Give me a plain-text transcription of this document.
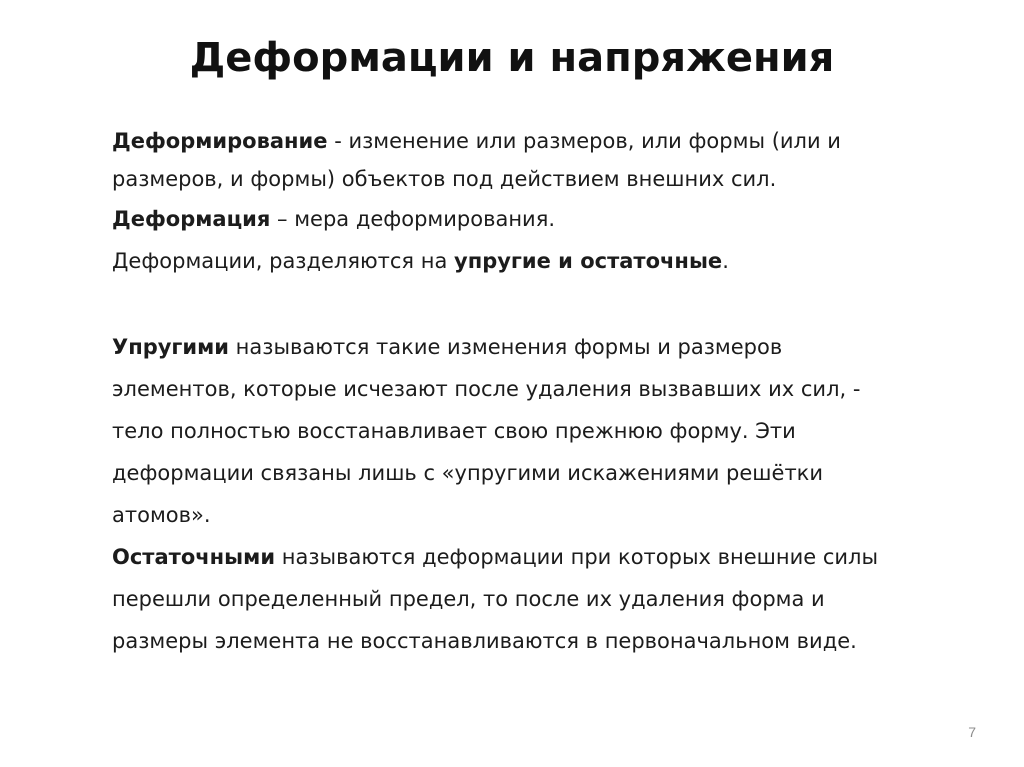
Деформации и напряжения

Деформирование - изменение или размеров, или формы (или и
размеров, и формы) объектов под действием внешних сил.

Деформация – мера деформирования.

Деформации, разделяются на упругие и остаточные.

Упругими называются такие изменения формы и размеров
элементов, которые исчезают после удаления вызвавших их сил, -
тело полностью восстанавливает свою прежнюю форму. Эти
деформации связаны лишь с «упругими искажениями решётки
атомов».

Остаточными называются деформации при которых внешние силы
перешли определенный предел, то после их удаления форма и
размеры элемента не восстанавливаются в первоначальном виде.

7
